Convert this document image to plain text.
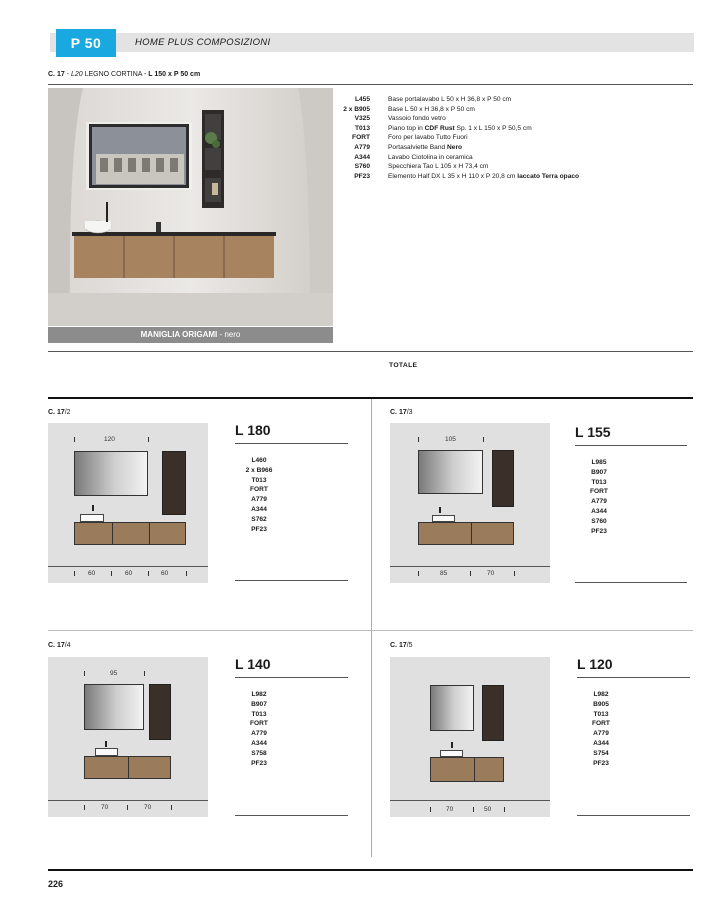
P 50	HOME PLUS COMPOSIZIONI
C. 17 - L20 LEGNO CORTINA - L 150 x P 50 cm
MANIGLIA ORIGAMI - nero
L455	Base portalavabo L 50 x H 36,8 x P 50 cm
2 x B905	Base L 50 x H 36,8 x P 50 cm
V325	Vassoio fondo vetro
T013	Piano top in CDF Rust Sp. 1 x L 150 x P 50,5 cm
FORT	Foro per lavabo Tutto Fuori
A779	Portasalviette Band Nero
A344	Lavabo Ciotolina in ceramica
S760	Specchiera Tao L 105 x H 73,4 cm
PF23	Elemento Half DX L 35 x H 110 x P 20,8 cm laccato Terra opaco
TOTALE
C. 17/2
120
60	60	60
L 180
L460
2 x B966
T013
FORT
A779
A344
S762
PF23
C. 17/3
105
85	70
L 155
L985
B907
T013
FORT
A779
A344
S760
PF23
C. 17/4
95
70	70
L 140
L982
B907
T013
FORT
A779
A344
S758
PF23
C. 17/5
70	50
L 120
L982
B905
T013
FORT
A779
A344
S754
PF23
226
